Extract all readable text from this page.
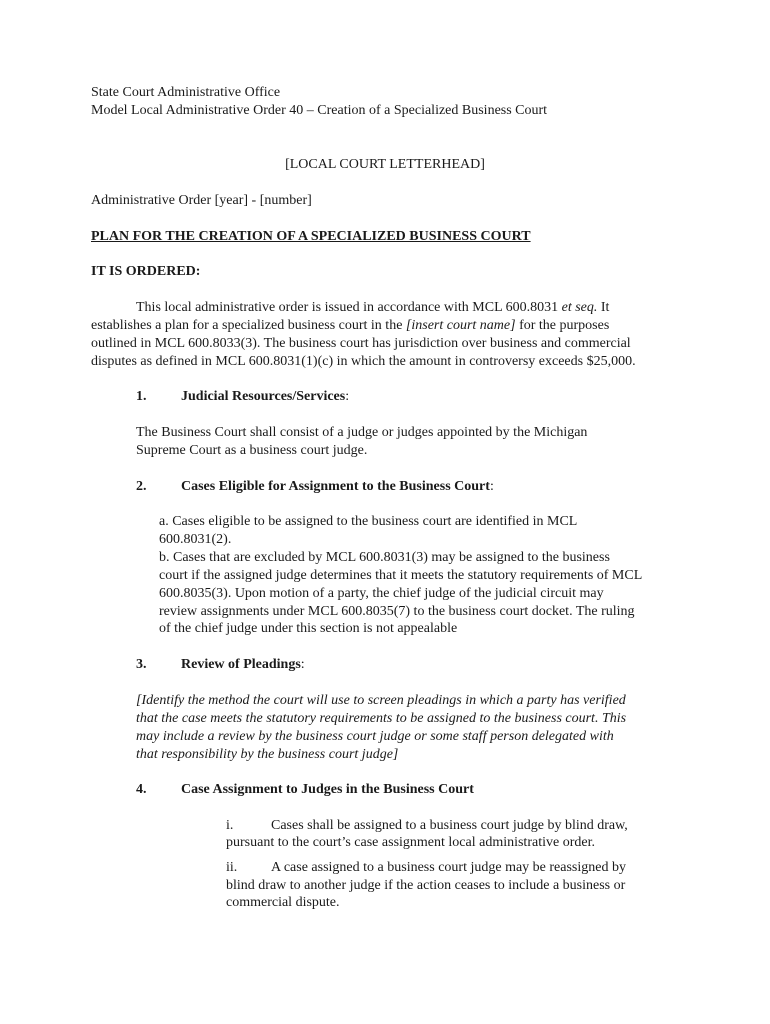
State Court Administrative Office
Model Local Administrative Order 40 – Creation of a Specialized Business Court
[LOCAL COURT LETTERHEAD]
Administrative Order [year] - [number]
PLAN FOR THE CREATION OF A SPECIALIZED BUSINESS COURT
IT IS ORDERED:
This local administrative order is issued in accordance with MCL 600.8031 et seq. It
establishes a plan for a specialized business court in the [insert court name] for the purposes
outlined in MCL 600.8033(3). The business court has jurisdiction over business and commercial
disputes as defined in MCL 600.8031(1)(c) in which the amount in controversy exceeds $25,000.
1. Judicial Resources/Services:
The Business Court shall consist of a judge or judges appointed by the Michigan
Supreme Court as a business court judge.
2. Cases Eligible for Assignment to the Business Court:
a. Cases eligible to be assigned to the business court are identified in MCL
600.8031(2).
b. Cases that are excluded by MCL 600.8031(3) may be assigned to the business
court if the assigned judge determines that it meets the statutory requirements of MCL
600.8035(3). Upon motion of a party, the chief judge of the judicial circuit may
review assignments under MCL 600.8035(7) to the business court docket. The ruling
of the chief judge under this section is not appealable
3. Review of Pleadings:
[Identify the method the court will use to screen pleadings in which a party has verified
that the case meets the statutory requirements to be assigned to the business court. This
may include a review by the business court judge or some staff person delegated with
that responsibility by the business court judge]
4. Case Assignment to Judges in the Business Court
i.	Cases shall be assigned to a business court judge by blind draw,
pursuant to the court’s case assignment local administrative order.
ii. A case assigned to a business court judge may be reassigned by
blind draw to another judge if the action ceases to include a business or
commercial dispute.
